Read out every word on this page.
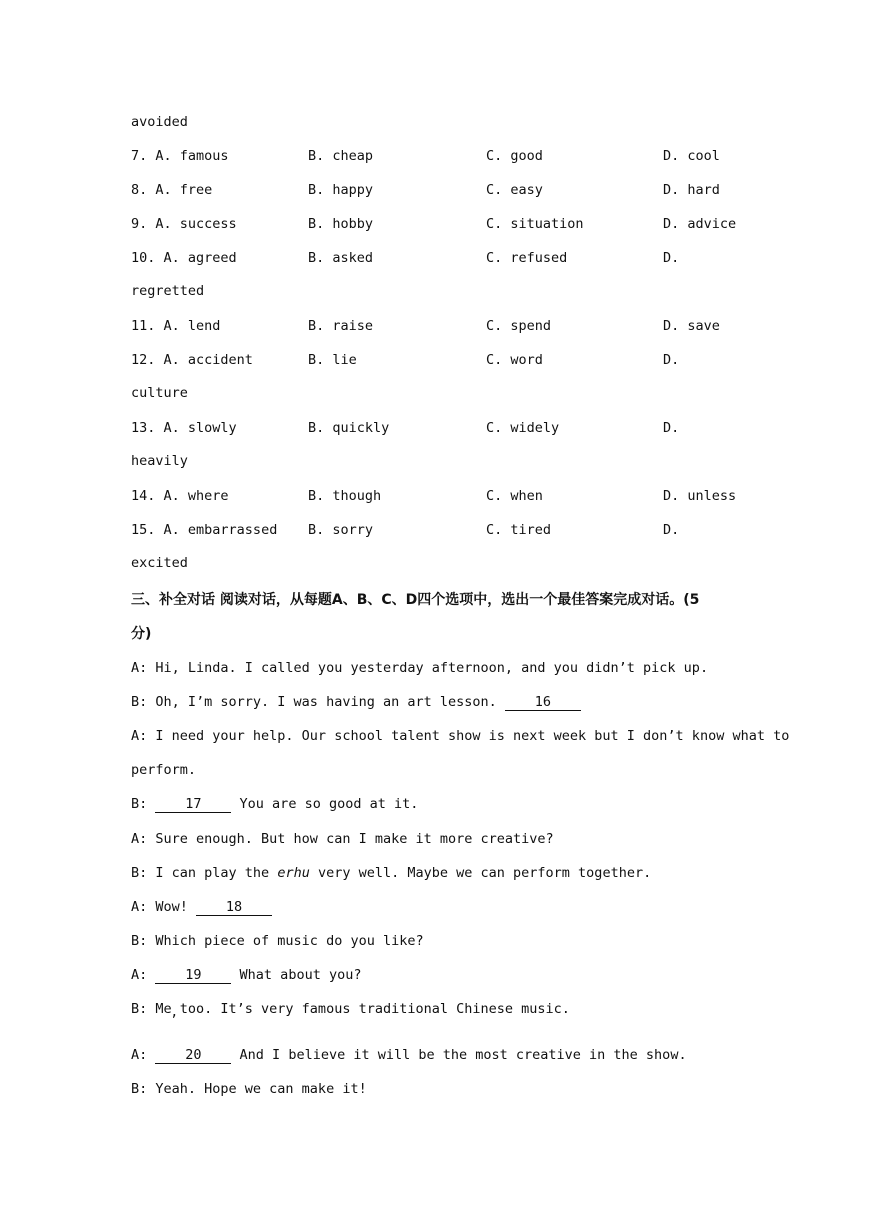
avoided
7. A. famous	B. cheap	C. good	D. cool
8. A. free	B. happy	C. easy	D. hard
9. A. success	B. hobby	C. situation	D. advice
10. A. agreed	B. asked	C. refused	D.
regretted
11. A. lend	B. raise	C. spend	D. save
12. A. accident	B. lie	C. word	D.
culture
13. A. slowly	B. quickly	C. widely	D.
heavily
14. A. where	B. though	C. when	D. unless
15. A. embarrassed B. sorry	C. tired	D.
excited
三、补全对话 阅读对话，从每题A、B、C、D四个选项中，选出一个最佳答案完成对话。(5
分)
A: Hi, Linda. I called you yesterday afternoon, and you didn’t pick up.
B: Oh, I’m sorry. I was having an art lesson.	16
A: I need your help. Our school talent show is next week but I don’t know what to
perform.
B:	17	You are so good at it.
A: Sure enough. But how can I make it more creative?
B: I can play the erhu very well. Maybe we can perform together.
A: Wow!	18
B: Which piece of music do you like?
A:	19	What about you?
B: Me too. It’s very famous traditional Chinese music.
’
A:	20	And I believe it will be the most creative in the show.
B: Yeah. Hope we can make it!
